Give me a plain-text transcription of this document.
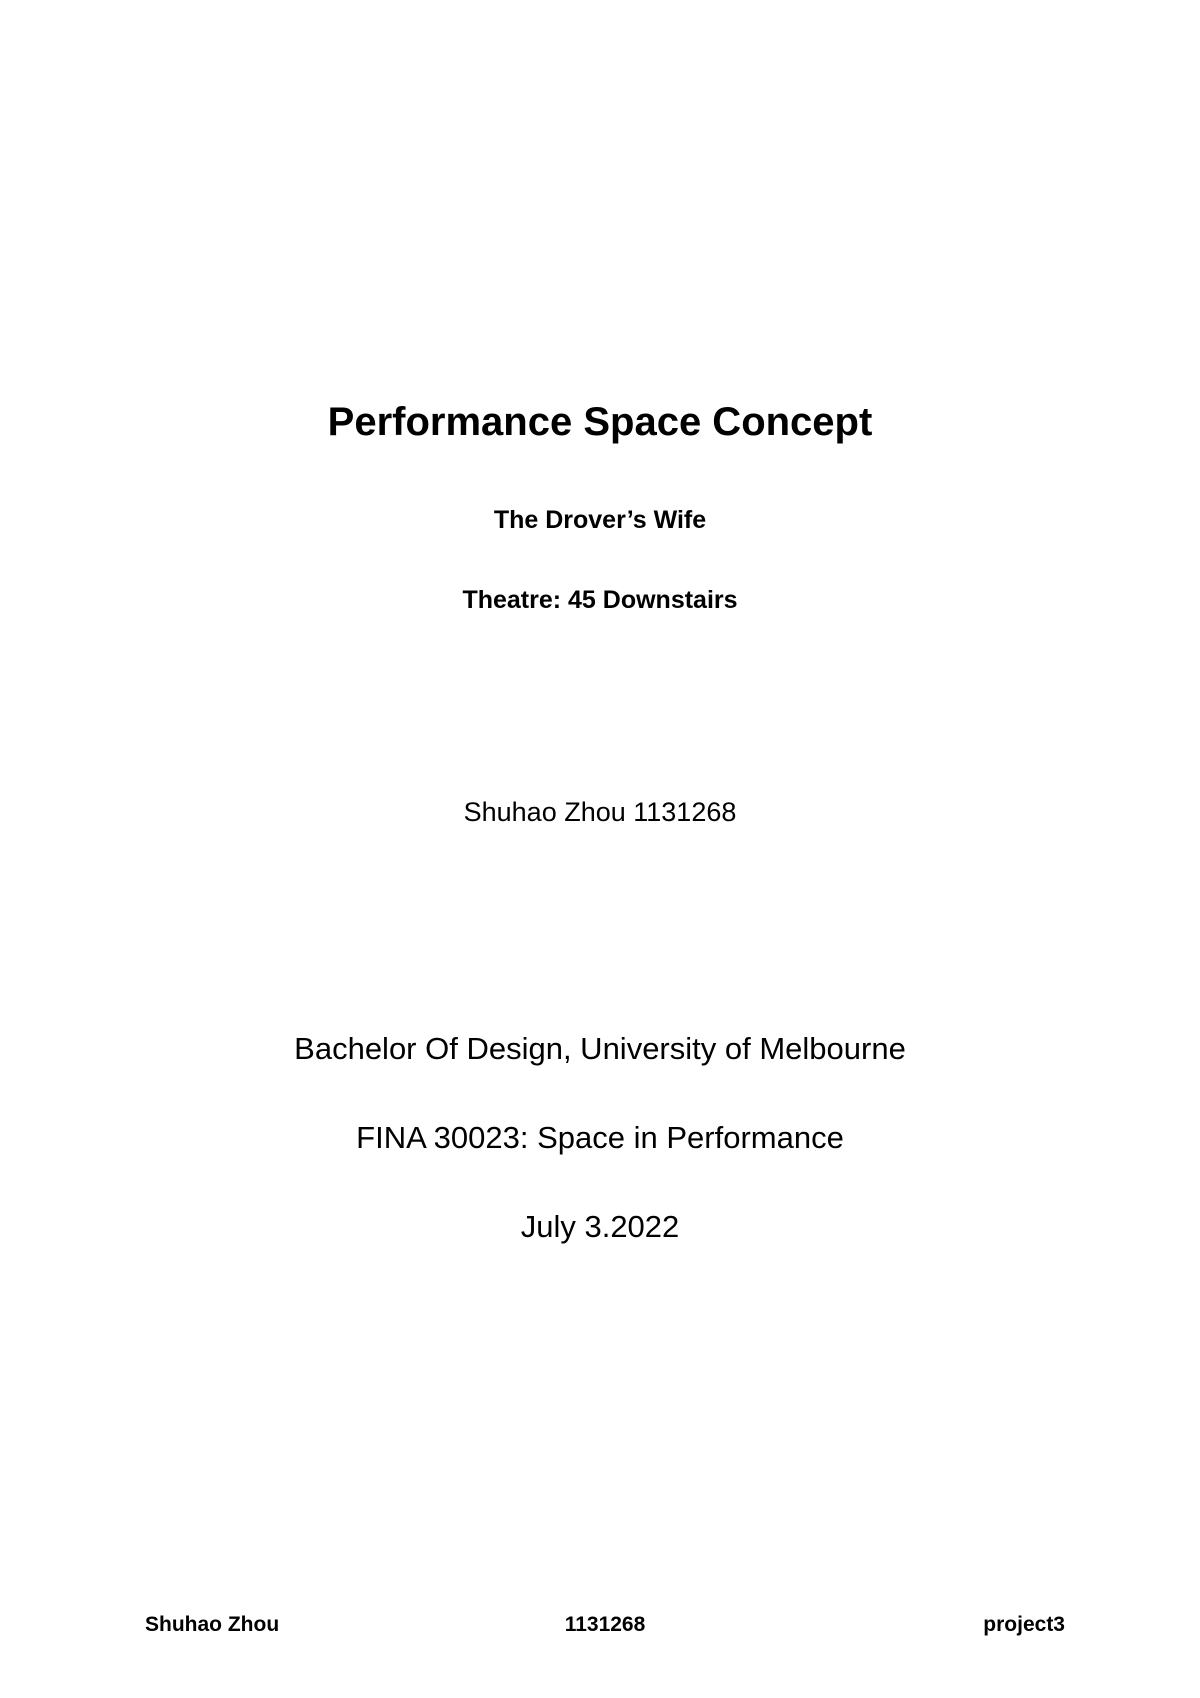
Performance Space Concept
The Drover’s Wife
Theatre: 45 Downstairs
Shuhao Zhou 1131268
Bachelor Of Design, University of Melbourne
FINA 30023: Space in Performance
July 3.2022
Shuhao Zhou	1131268	project3
